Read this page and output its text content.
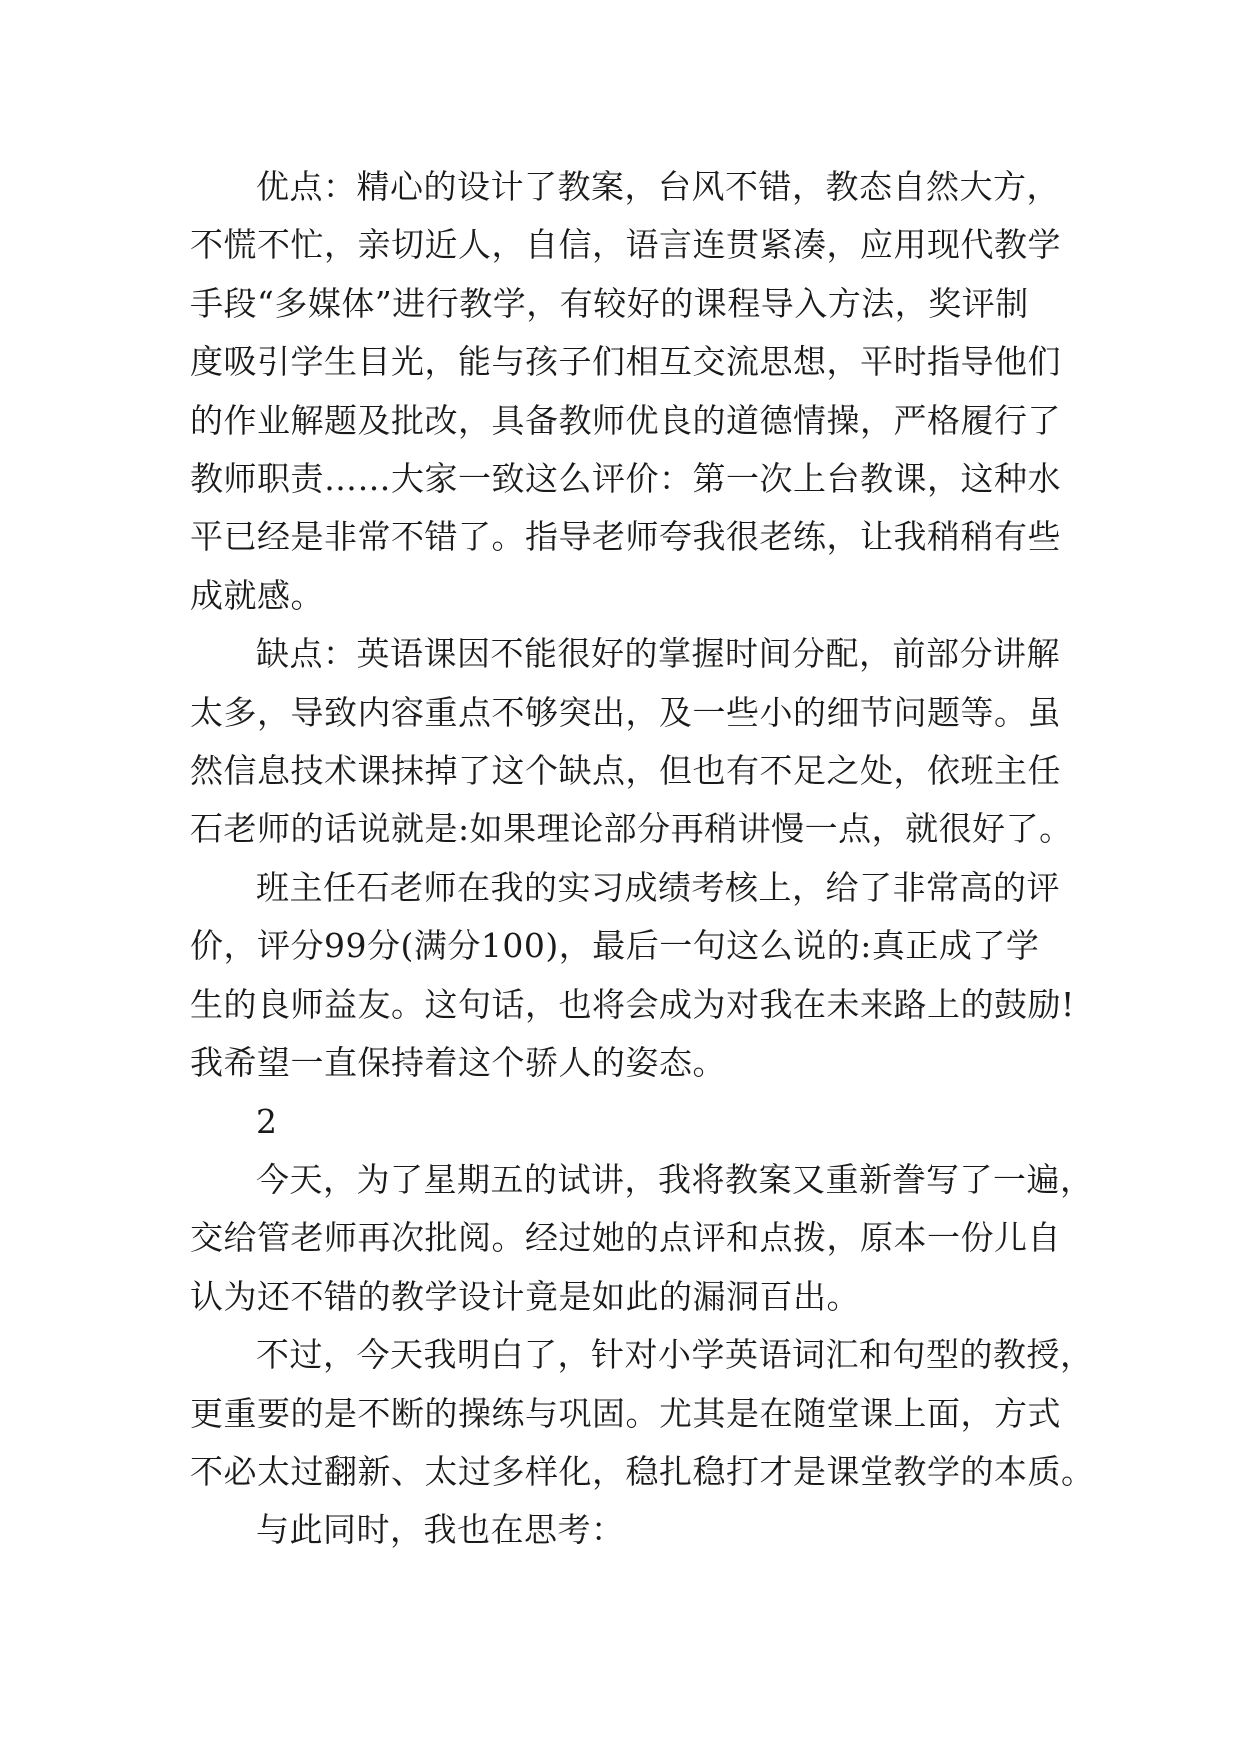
优点：精心的设计了教案，台风不错，教态自然大方，
不慌不忙，亲切近人，自信，语言连贯紧凑，应用现代教学
手段“多媒体”进行教学，有较好的课程导入方法，奖评制
度吸引学生目光，能与孩子们相互交流思想，平时指导他们
的作业解题及批改，具备教师优良的道德情操，严格履行了
教师职责……大家一致这么评价：第一次上台教课，这种水
平已经是非常不错了。指导老师夸我很老练，让我稍稍有些
成就感。

缺点：英语课因不能很好的掌握时间分配，前部分讲解
太多，导致内容重点不够突出，及一些小的细节问题等。虽
然信息技术课抹掉了这个缺点，但也有不足之处，依班主任
石老师的话说就是:如果理论部分再稍讲慢一点，就很好了。

班主任石老师在我的实习成绩考核上，给了非常高的评
价，评分99分(满分100)，最后一句这么说的:真正成了学
生的良师益友。这句话，也将会成为对我在未来路上的鼓励!
我希望一直保持着这个骄人的姿态。

2

今天，为了星期五的试讲，我将教案又重新誊写了一遍，
交给管老师再次批阅。经过她的点评和点拨，原本一份儿自
认为还不错的教学设计竟是如此的漏洞百出。

不过，今天我明白了，针对小学英语词汇和句型的教授，
更重要的是不断的操练与巩固。尤其是在随堂课上面，方式
不必太过翻新、太过多样化，稳扎稳打才是课堂教学的本质。

与此同时，我也在思考：
